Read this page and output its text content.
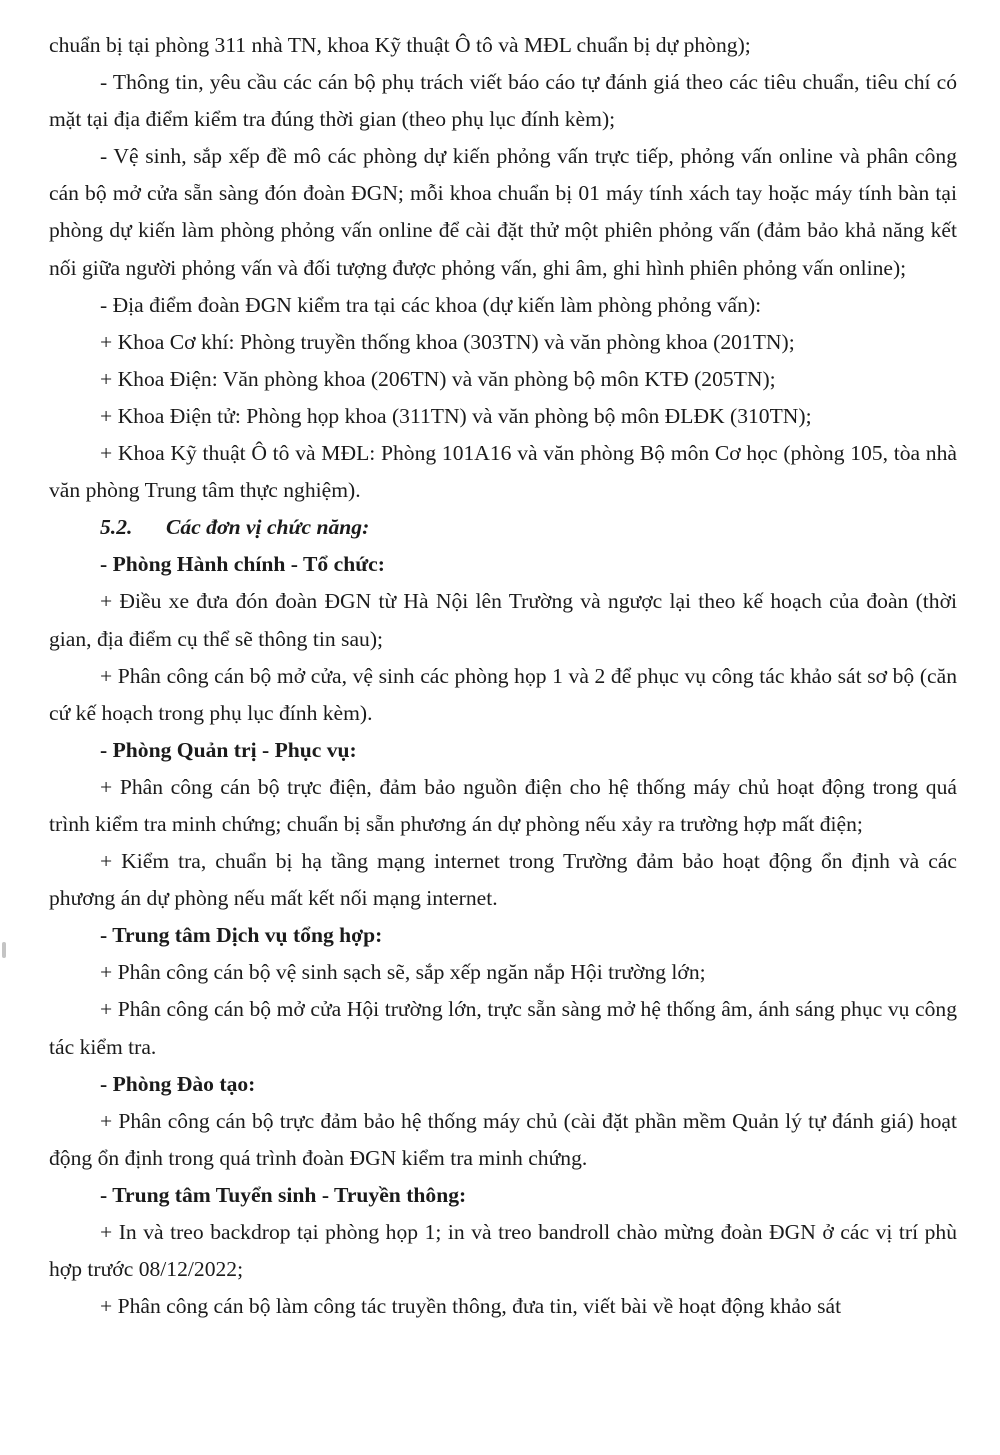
chuẩn bị tại phòng 311 nhà TN, khoa Kỹ thuật Ô tô và MĐL chuẩn bị dự phòng);

- Thông tin, yêu cầu các cán bộ phụ trách viết báo cáo tự đánh giá theo các tiêu chuẩn, tiêu chí có mặt tại địa điểm kiểm tra đúng thời gian (theo phụ lục đính kèm);

- Vệ sinh, sắp xếp đề mô các phòng dự kiến phỏng vấn trực tiếp, phỏng vấn online và phân công cán bộ mở cửa sẵn sàng đón đoàn ĐGN; mỗi khoa chuẩn bị 01 máy tính xách tay hoặc máy tính bàn tại phòng dự kiến làm phòng phỏng vấn online để cài đặt thử một phiên phỏng vấn (đảm bảo khả năng kết nối giữa người phỏng vấn và đối tượng được phỏng vấn, ghi âm, ghi hình phiên phỏng vấn online);

- Địa điểm đoàn ĐGN kiểm tra tại các khoa (dự kiến làm phòng phỏng vấn):

+ Khoa Cơ khí: Phòng truyền thống khoa (303TN) và văn phòng khoa (201TN);

+ Khoa Điện: Văn phòng khoa (206TN) và văn phòng bộ môn KTĐ (205TN);

+ Khoa Điện tử: Phòng họp khoa (311TN) và văn phòng bộ môn ĐLĐK (310TN);

+ Khoa Kỹ thuật Ô tô và MĐL: Phòng 101A16 và văn phòng Bộ môn Cơ học (phòng 105, tòa nhà văn phòng Trung tâm thực nghiệm).

5.2. Các đơn vị chức năng:

- Phòng Hành chính - Tổ chức:

+ Điều xe đưa đón đoàn ĐGN từ Hà Nội lên Trường và ngược lại theo kế hoạch của đoàn (thời gian, địa điểm cụ thể sẽ thông tin sau);

+ Phân công cán bộ mở cửa, vệ sinh các phòng họp 1 và 2 để phục vụ công tác khảo sát sơ bộ (căn cứ kế hoạch trong phụ lục đính kèm).

- Phòng Quản trị - Phục vụ:

+ Phân công cán bộ trực điện, đảm bảo nguồn điện cho hệ thống máy chủ hoạt động trong quá trình kiểm tra minh chứng; chuẩn bị sẵn phương án dự phòng nếu xảy ra trường hợp mất điện;

+ Kiểm tra, chuẩn bị hạ tầng mạng internet trong Trường đảm bảo hoạt động ổn định và các phương án dự phòng nếu mất kết nối mạng internet.

- Trung tâm Dịch vụ tổng hợp:

+ Phân công cán bộ vệ sinh sạch sẽ, sắp xếp ngăn nắp Hội trường lớn;

+ Phân công cán bộ mở cửa Hội trường lớn, trực sẵn sàng mở hệ thống âm, ánh sáng phục vụ công tác kiểm tra.

- Phòng Đào tạo:

+ Phân công cán bộ trực đảm bảo hệ thống máy chủ (cài đặt phần mềm Quản lý tự đánh giá) hoạt động ổn định trong quá trình đoàn ĐGN kiểm tra minh chứng.

- Trung tâm Tuyển sinh - Truyền thông:

+ In và treo backdrop tại phòng họp 1; in và treo bandroll chào mừng đoàn ĐGN ở các vị trí phù hợp trước 08/12/2022;

+ Phân công cán bộ làm công tác truyền thông, đưa tin, viết bài về hoạt động khảo sát
